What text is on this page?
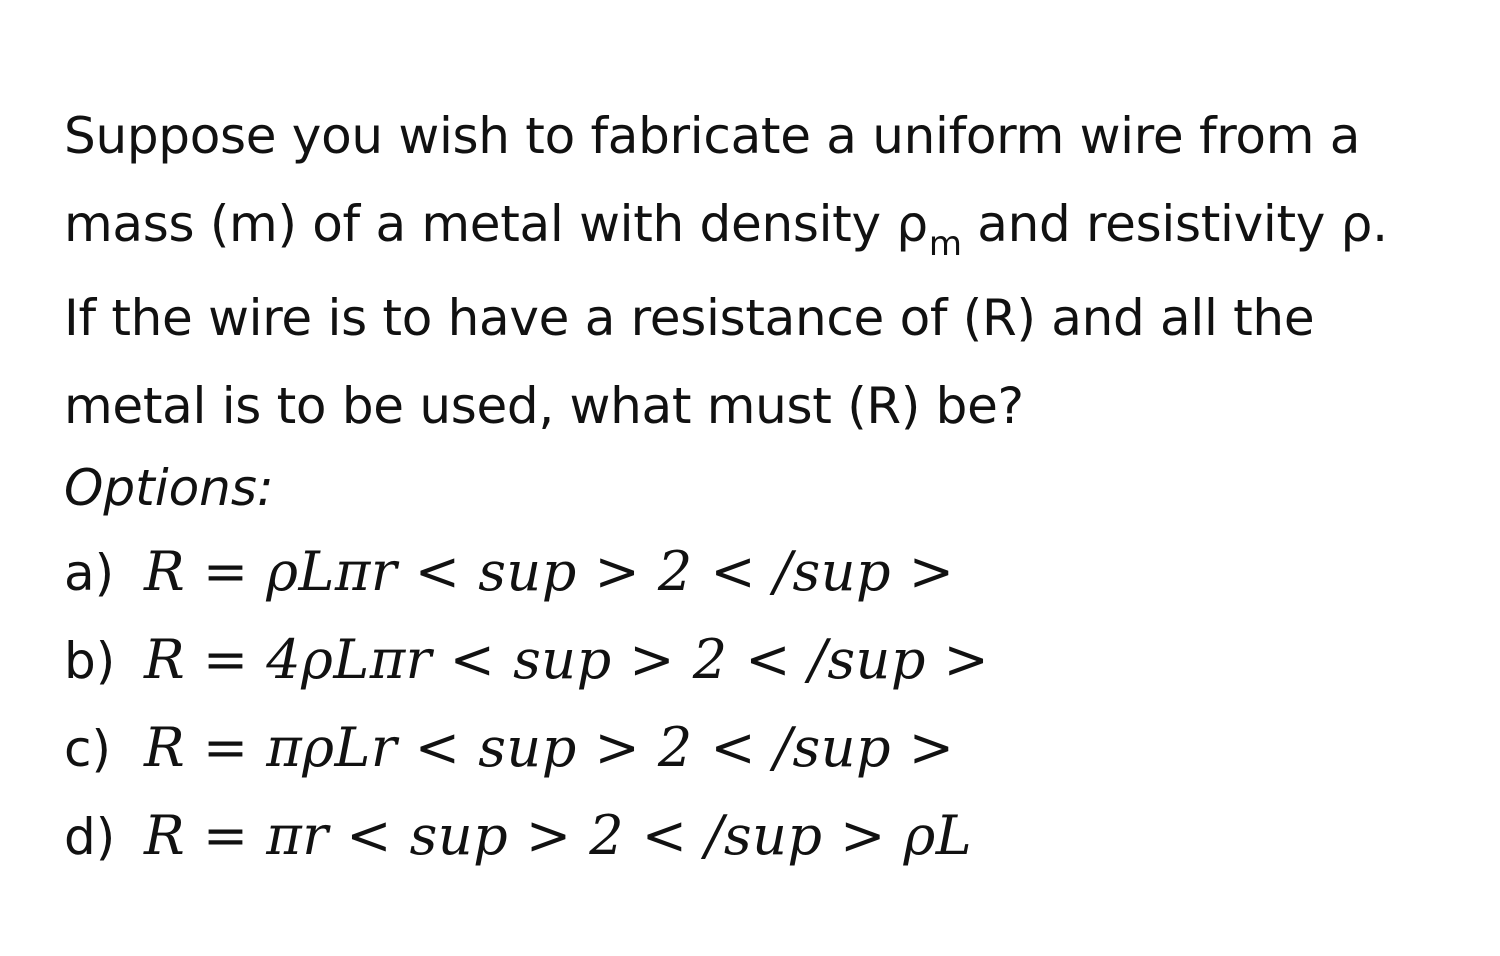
Suppose you wish to fabricate a uniform wire from a
mass (m) of a metal with density $\rho_m$ and resistivity ρ.
If the wire is to have a resistance of (R) and all the
metal is to be used, what must (R) be?

Options:
a) R = ρLπr < sup > 2 < /sup >
b) R = 4ρLπr < sup > 2 < /sup >
c) R = πρLr < sup > 2 < /sup >
d) R = πr < sup > 2 < /sup > ρL
